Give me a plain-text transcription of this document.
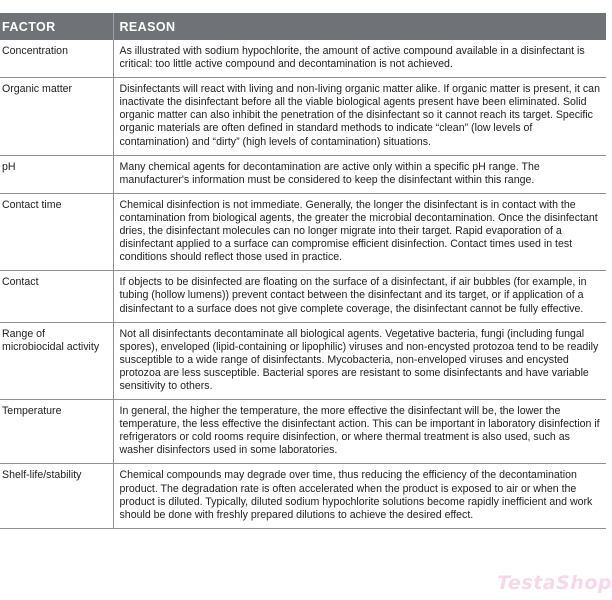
FACTOR	REASON
Concentration	As illustrated with sodium hypochlorite, the amount of active compound available in a disinfectant is critical: too little active compound and decontamination is not achieved.
Organic matter	Disinfectants will react with living and non-living organic matter alike. If organic matter is present, it can inactivate the disinfectant before all the viable biological agents present have been eliminated. Solid organic matter can also inhibit the penetration of the disinfectant so it cannot reach its target. Specific organic materials are often defined in standard methods to indicate “clean” (low levels of contamination) and “dirty” (high levels of contamination) situations.
pH	Many chemical agents for decontamination are active only within a specific pH range. The manufacturer's information must be considered to keep the disinfectant within this range.
Contact time	Chemical disinfection is not immediate. Generally, the longer the disinfectant is in contact with the contamination from biological agents, the greater the microbial decontamination. Once the disinfectant dries, the disinfectant molecules can no longer migrate into their target. Rapid evaporation of a disinfectant applied to a surface can compromise efficient disinfection. Contact times used in test conditions should reflect those used in practice.
Contact	If objects to be disinfected are floating on the surface of a disinfectant, if air bubbles (for example, in tubing (hollow lumens)) prevent contact between the disinfectant and its target, or if application of a disinfectant to a surface does not give complete coverage, the disinfectant cannot be fully effective.
Range of microbiocidal activity	Not all disinfectants decontaminate all biological agents. Vegetative bacteria, fungi (including fungal spores), enveloped (lipid-containing or lipophilic) viruses and non-encysted protozoa tend to be readily susceptible to a wide range of disinfectants. Mycobacteria, non-enveloped viruses and encysted protozoa are less susceptible. Bacterial spores are resistant to some disinfectants and have variable sensitivity to others.
Temperature	In general, the higher the temperature, the more effective the disinfectant will be, the lower the temperature, the less effective the disinfectant action. This can be important in laboratory disinfection if refrigerators or cold rooms require disinfection, or where thermal treatment is also used, such as washer disinfectors used in some laboratories.
Shelf-life/stability	Chemical compounds may degrade over time, thus reducing the efficiency of the decontamination product. The degradation rate is often accelerated when the product is exposed to air or when the product is diluted. Typically, diluted sodium hypochlorite solutions become rapidly inefficient and work should be done with freshly prepared dilutions to achieve the desired effect.
TestaShop
